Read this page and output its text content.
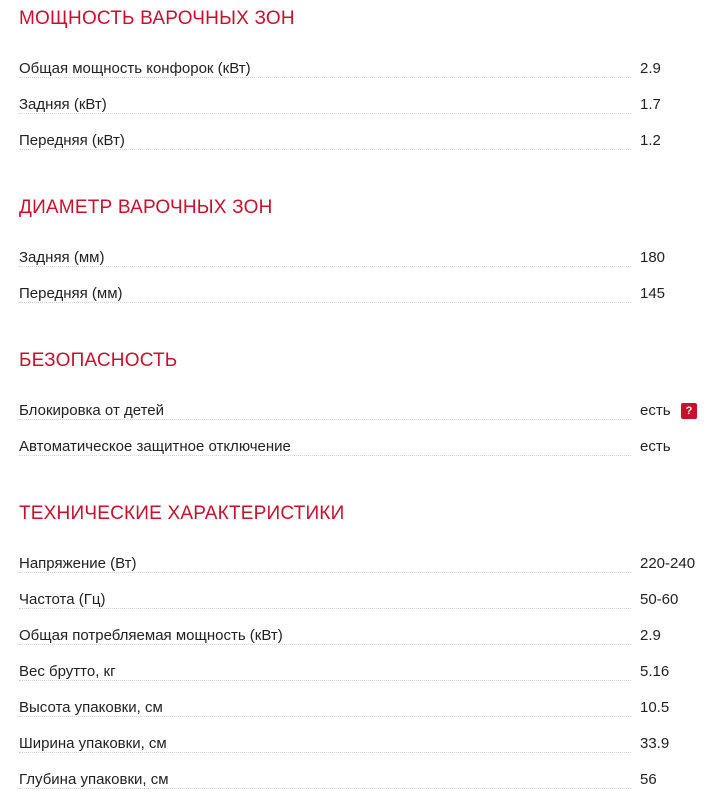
МОЩНОСТЬ ВАРОЧНЫХ ЗОН
Общая мощность конфорок (кВт)	2.9
Задняя (кВт)	1.7
Передняя (кВт)	1.2
ДИАМЕТР ВАРОЧНЫХ ЗОН
Задняя (мм)	180
Передняя (мм)	145
БЕЗОПАСНОСТЬ
Блокировка от детей	есть	?
Автоматическое защитное отключение	есть
ТЕХНИЧЕСКИЕ ХАРАКТЕРИСТИКИ
Напряжение (Вт)	220-240
Частота (Гц)	50-60
Общая потребляемая мощность (кВт)	2.9
Вес брутто, кг	5.16
Высота упаковки, см	10.5
Ширина упаковки, см	33.9
Глубина упаковки, см	56
